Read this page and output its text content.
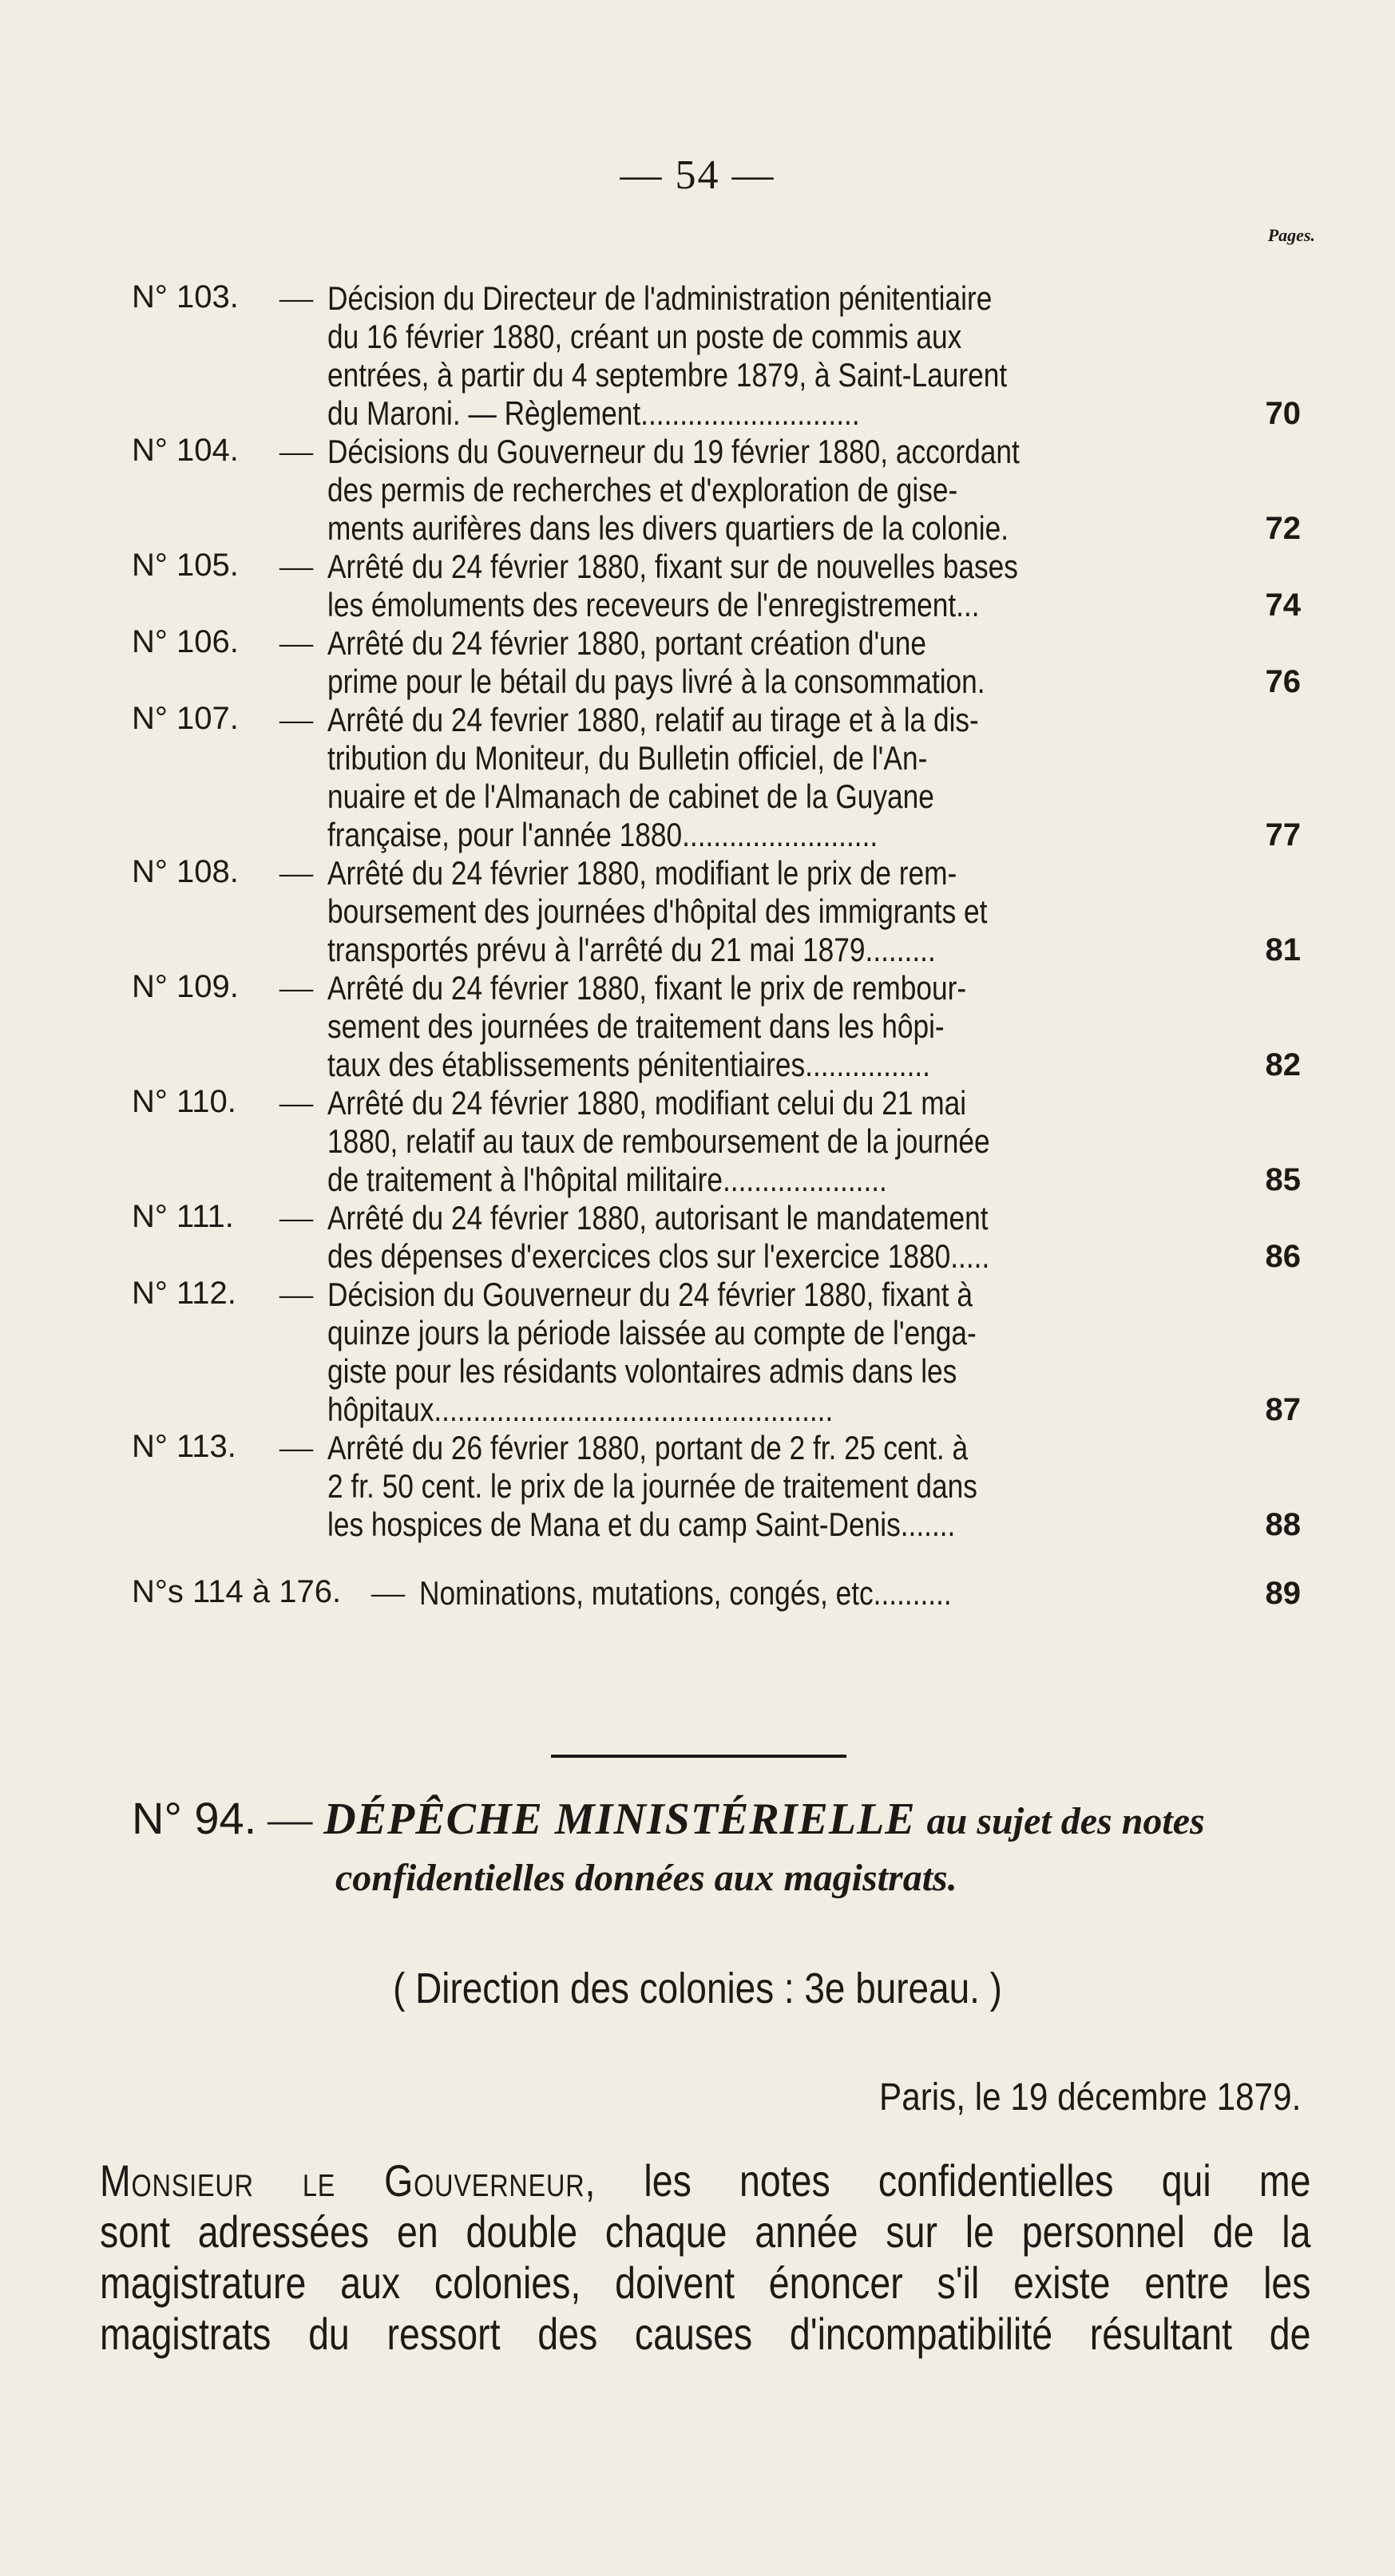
— 54 —
Pages.
N° 103. — Décision du Directeur de l'administration pénitentiaire
du 16 février 1880, créant un poste de commis aux
entrées, à partir du 4 septembre 1879, à Saint-Laurent
du Maroni. — Règlement............................	70
N° 104. — Décisions du Gouverneur du 19 février 1880, accordant
des permis de recherches et d'exploration de gise-
ments aurifères dans les divers quartiers de la colonie.	72
N° 105. — Arrêté du 24 février 1880, fixant sur de nouvelles bases
les émoluments des receveurs de l'enregistrement...	74
N° 106. — Arrêté du 24 février 1880, portant création d'une
prime pour le bétail du pays livré à la consommation.	76
N° 107. — Arrêté du 24 fevrier 1880, relatif au tirage et à la dis-
tribution du Moniteur, du Bulletin officiel, de l'An-
nuaire et de l'Almanach de cabinet de la Guyane
française, pour l'année 1880.........................	77
N° 108. — Arrêté du 24 février 1880, modifiant le prix de rem-
boursement des journées d'hôpital des immigrants et
transportés prévu à l'arrêté du 21 mai 1879.........	81
N° 109. — Arrêté du 24 février 1880, fixant le prix de rembour-
sement des journées de traitement dans les hôpi-
taux des établissements pénitentiaires................	82
N° 110. — Arrêté du 24 février 1880, modifiant celui du 21 mai
1880, relatif au taux de remboursement de la journée
de traitement à l'hôpital militaire.....................	85
N° 111. — Arrêté du 24 février 1880, autorisant le mandatement
des dépenses d'exercices clos sur l'exercice 1880.....	86
N° 112. — Décision du Gouverneur du 24 février 1880, fixant à
quinze jours la période laissée au compte de l'enga-
giste pour les résidants volontaires admis dans les
hôpitaux...................................................	87
N° 113. — Arrêté du 26 février 1880, portant de 2 fr. 25 cent. à
2 fr. 50 cent. le prix de la journée de traitement dans
les hospices de Mana et du camp Saint-Denis.......	88
N°s 114 à 176. — Nominations, mutations, congés, etc..........	89
N° 94. — DÉPÊCHE MINISTÉRIELLE au sujet des notes
confidentielles données aux magistrats.
( Direction des colonies : 3e bureau. )
Paris, le 19 décembre 1879.
Monsieur le Gouverneur, les notes confidentielles qui me
sont adressées en double chaque année sur le personnel de la
magistrature aux colonies, doivent énoncer s'il existe entre les
magistrats du ressort des causes d'incompatibilité résultant de
